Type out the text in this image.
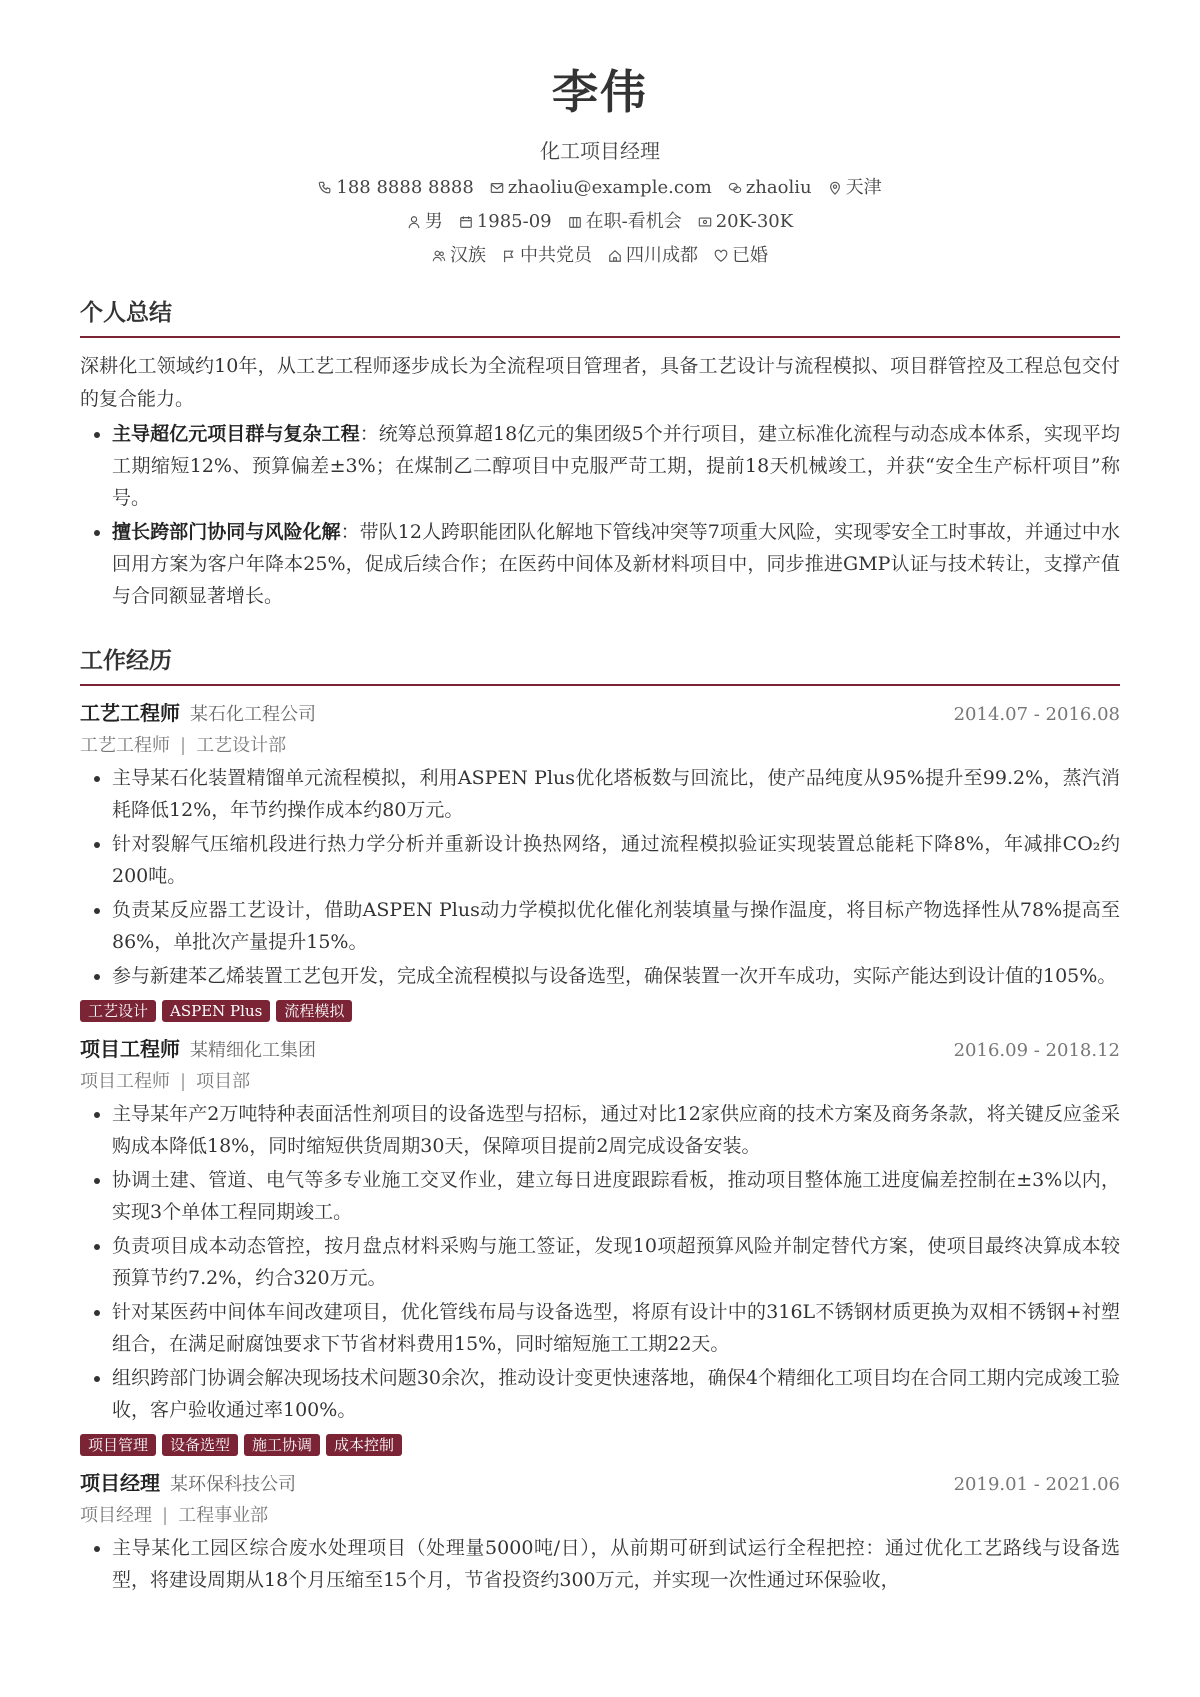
李伟
化工项目经理
188 8888 8888 zhaoliu@example.com zhaoliu 天津
男 1985-09 在职-看机会 20K-30K
汉族 中共党员 四川成都 已婚
个人总结
深耕化工领域约10年，从工艺工程师逐步成长为全流程项目管理者，具备工艺设计与流程模拟、项目群管控及工程总包交付的复合能力。
• 主导超亿元项目群与复杂工程：统筹总预算超18亿元的集团级5个并行项目，建立标准化流程与动态成本体系，实现平均工期缩短12%、预算偏差±3%；在煤制乙二醇项目中克服严苛工期，提前18天机械竣工，并获“安全生产标杆项目”称号。
• 擅长跨部门协同与风险化解：带队12人跨职能团队化解地下管线冲突等7项重大风险，实现零安全工时事故，并通过中水回用方案为客户年降本25%，促成后续合作；在医药中间体及新材料项目中，同步推进GMP认证与技术转让，支撑产值与合同额显著增长。
工作经历
工艺工程师 某石化工程公司	2014.07 - 2016.08
工艺工程师 | 工艺设计部
• 主导某石化装置精馏单元流程模拟，利用ASPEN Plus优化塔板数与回流比，使产品纯度从95%提升至99.2%，蒸汽消耗降低12%，年节约操作成本约80万元。
• 针对裂解气压缩机段进行热力学分析并重新设计换热网络，通过流程模拟验证实现装置总能耗下降8%，年减排CO₂约200吨。
• 负责某反应器工艺设计，借助ASPEN Plus动力学模拟优化催化剂装填量与操作温度，将目标产物选择性从78%提高至86%，单批次产量提升15%。
• 参与新建苯乙烯装置工艺包开发，完成全流程模拟与设备选型，确保装置一次开车成功，实际产能达到设计值的105%。
工艺设计	ASPEN Plus	流程模拟
项目工程师 某精细化工集团	2016.09 - 2018.12
项目工程师 | 项目部
• 主导某年产2万吨特种表面活性剂项目的设备选型与招标，通过对比12家供应商的技术方案及商务条款，将关键反应釜采购成本降低18%，同时缩短供货周期30天，保障项目提前2周完成设备安装。
• 协调土建、管道、电气等多专业施工交叉作业，建立每日进度跟踪看板，推动项目整体施工进度偏差控制在±3%以内，实现3个单体工程同期竣工。
• 负责项目成本动态管控，按月盘点材料采购与施工签证，发现10项超预算风险并制定替代方案，使项目最终决算成本较预算节约7.2%，约合320万元。
• 针对某医药中间体车间改建项目，优化管线布局与设备选型，将原有设计中的316L不锈钢材质更换为双相不锈钢+衬塑组合，在满足耐腐蚀要求下节省材料费用15%，同时缩短施工工期22天。
• 组织跨部门协调会解决现场技术问题30余次，推动设计变更快速落地，确保4个精细化工项目均在合同工期内完成竣工验收，客户验收通过率100%。
项目管理	设备选型	施工协调	成本控制
项目经理 某环保科技公司	2019.01 - 2021.06
项目经理 | 工程事业部
• 主导某化工园区综合废水处理项目（处理量5000吨/日），从前期可研到试运行全程把控：通过优化工艺路线与设备选型，将建设周期从18个月压缩至15个月，节省投资约300万元，并实现一次性通过环保验收，
